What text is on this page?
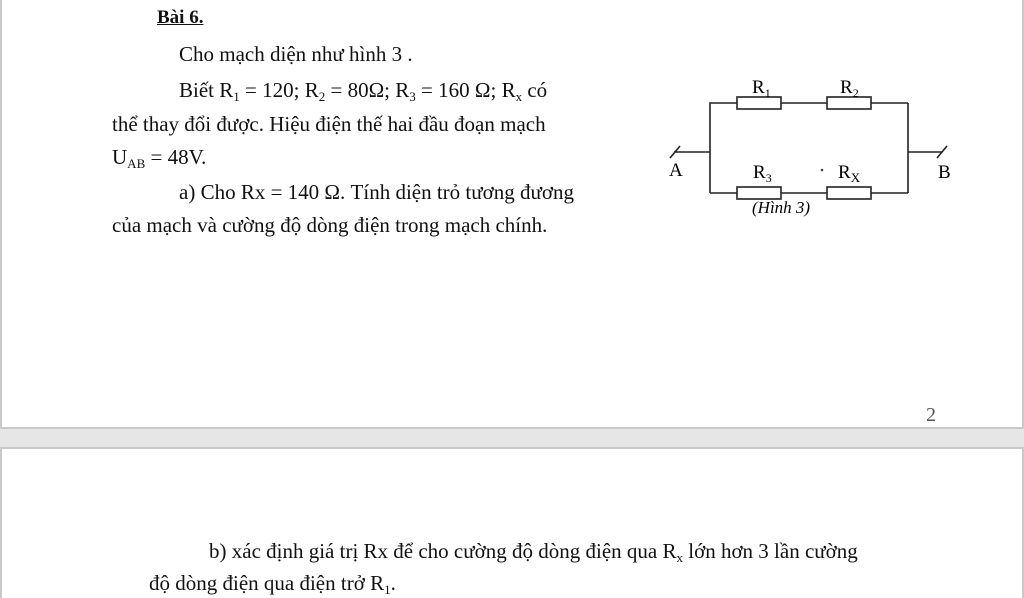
Bài 6.
Cho mạch diện như hình 3 .
Biết $R_1 = 120$; $R_2 = 80\Omega$; $R_3 = 160$ Ω; $R_x$ có
thể thay đổi được. Hiệu điện thế hai đầu đoạn mạch
$U_{AB} = 48V$.
a) Cho Rx = 140 Ω. Tính diện trỏ tương đương
của mạch và cường độ dòng điện trong mạch chính.
$R_1$	$R_2$
$R_3$	$R_X$
A	B
(Hình 3)
2
b) xác định giá trị Rx để cho cường độ dòng điện qua $R_x$ lớn hơn 3 lần cường
độ dòng điện qua điện trở $R_1$.
